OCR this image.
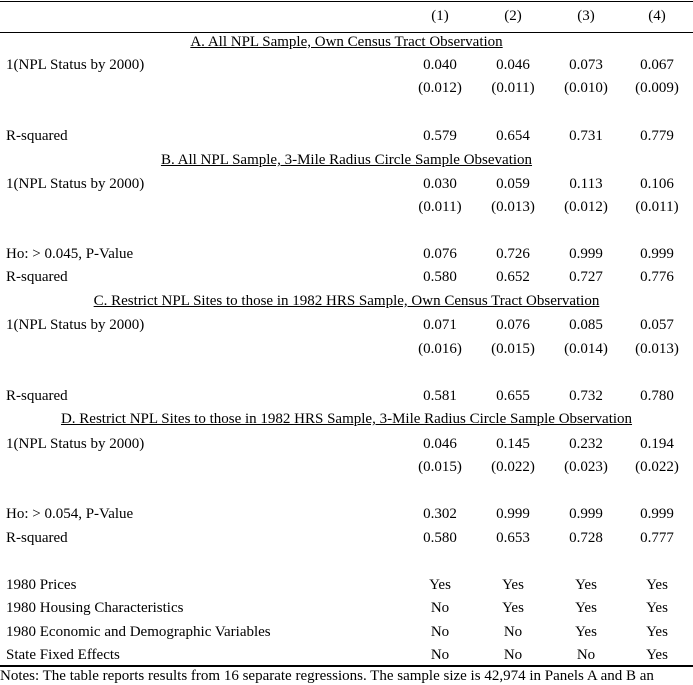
(1)	(2)	(3)	(4)
A. All NPL Sample, Own Census Tract Observation
1(NPL Status by 2000)	0.040	0.046	0.073	0.067
(0.012)	(0.011)	(0.010)	(0.009)
R-squared	0.579	0.654	0.731	0.779
B. All NPL Sample, 3-Mile Radius Circle Sample Obsevation
1(NPL Status by 2000)	0.030	0.059	0.113	0.106
(0.011)	(0.013)	(0.012)	(0.011)
Ho: > 0.045, P-Value	0.076	0.726	0.999	0.999
R-squared	0.580	0.652	0.727	0.776
C. Restrict NPL Sites to those in 1982 HRS Sample, Own Census Tract Observation
1(NPL Status by 2000)	0.071	0.076	0.085	0.057
(0.016)	(0.015)	(0.014)	(0.013)
R-squared	0.581	0.655	0.732	0.780
D. Restrict NPL Sites to those in 1982 HRS Sample, 3-Mile Radius Circle Sample Observation
1(NPL Status by 2000)	0.046	0.145	0.232	0.194
(0.015)	(0.022)	(0.023)	(0.022)
Ho: > 0.054, P-Value	0.302	0.999	0.999	0.999
R-squared	0.580	0.653	0.728	0.777
1980 Prices	Yes	Yes	Yes	Yes
1980 Housing Characteristics	No	Yes	Yes	Yes
1980 Economic and Demographic Variables	No	No	Yes	Yes
State Fixed Effects	No	No	No	Yes
Notes: The table reports results from 16 separate regressions. The sample size is 42,974 in Panels A and B an
